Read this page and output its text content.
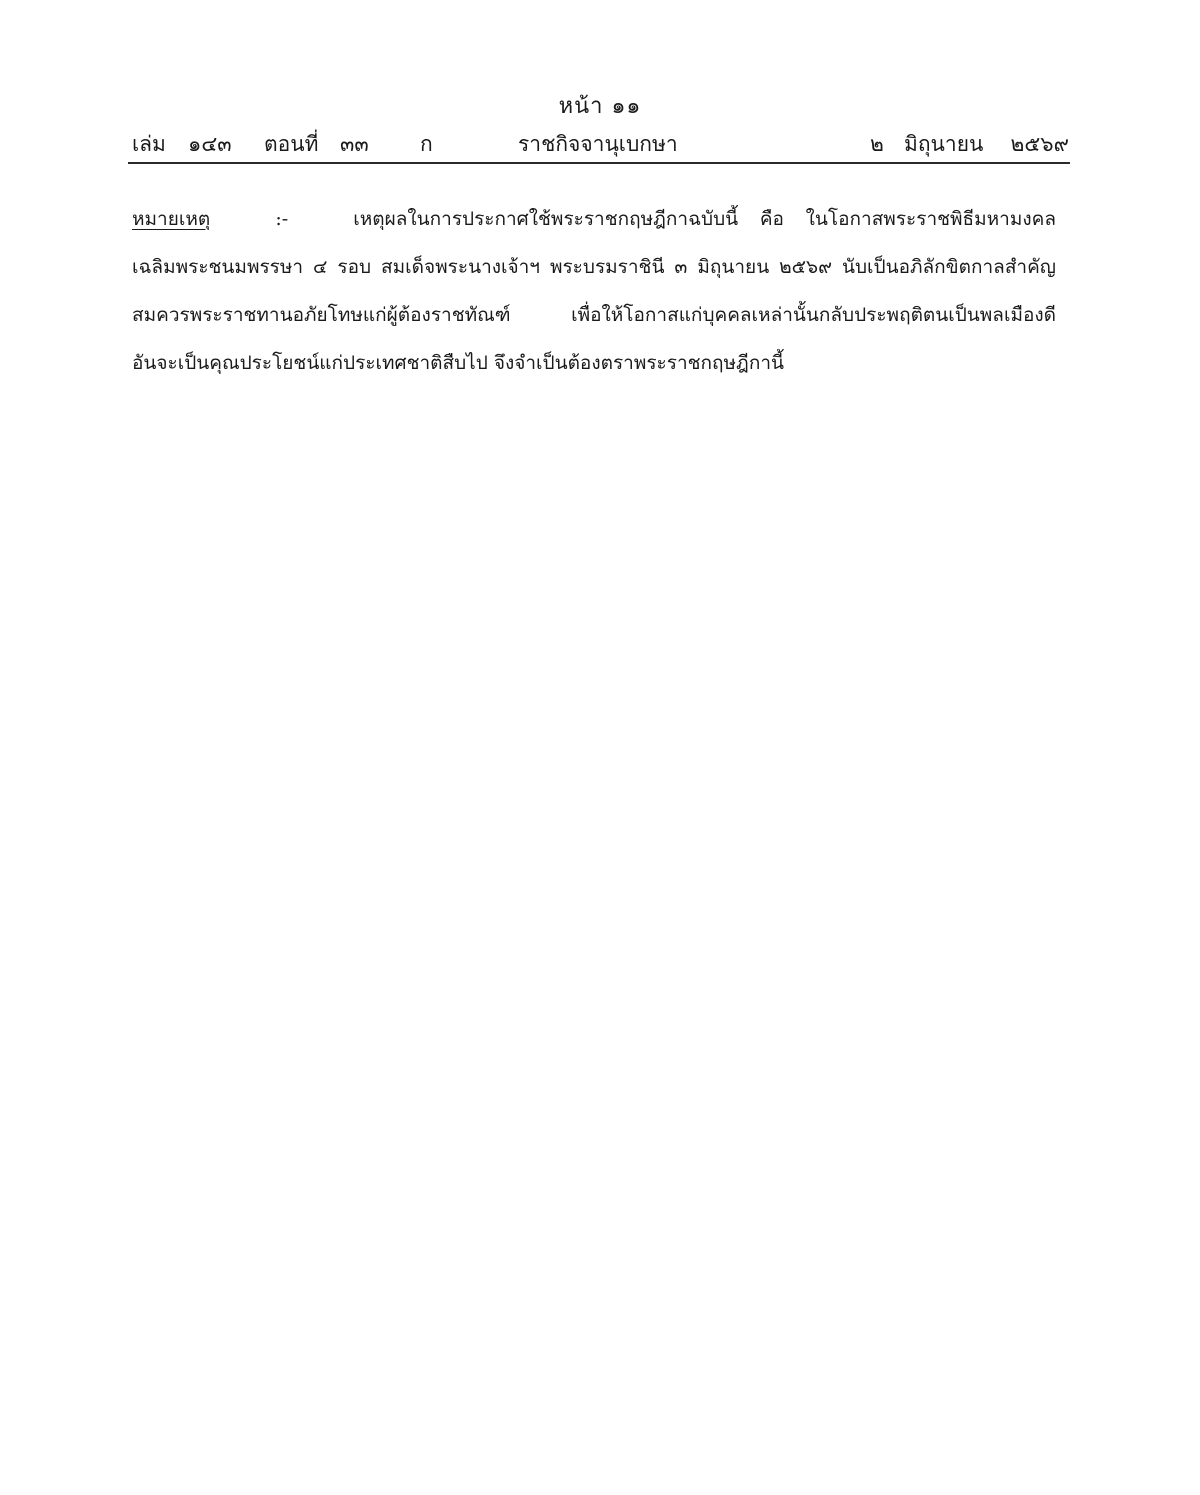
หน้า ๑๑
เล่ม ๑๔๓ ตอนที่ ๓๓ ก	ราชกิจจานุเบกษา	๒ มิถุนายน ๒๕๖๙
หมายเหตุ	:-	เหตุผลในการประกาศใช้พระราชกฤษฎีกาฉบับนี้ คือ ในโอกาสพระราชพิธีมหามงคล
เฉลิมพระชนมพรรษา ๔ รอบ สมเด็จพระนางเจ้าฯ พระบรมราชินี ๓ มิถุนายน ๒๕๖๙ นับเป็นอภิลักขิตกาลสำคัญ
สมควรพระราชทานอภัยโทษแก่ผู้ต้องราชทัณฑ์ เพื่อให้โอกาสแก่บุคคลเหล่านั้นกลับประพฤติตนเป็นพลเมืองดี
อันจะเป็นคุณประโยชน์แก่ประเทศชาติสืบไป จึงจำเป็นต้องตราพระราชกฤษฎีกานี้
